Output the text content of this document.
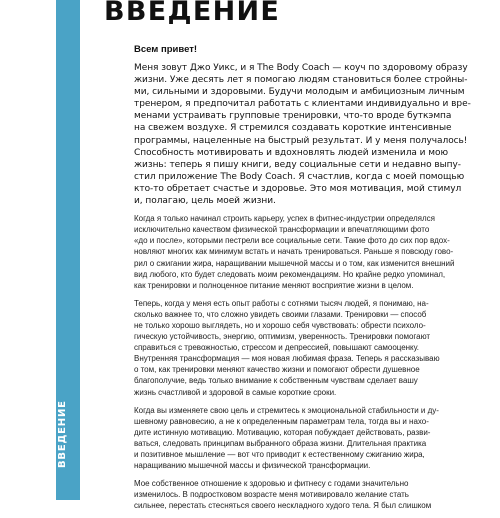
ВВЕДЕНИЕ
ВВЕДЕНИЕ

Всем привет!

Меня зовут Джо Уикс, и я The Body Coach — коуч по здоровому образу
жизни. Уже десять лет я помогаю людям становиться более стройны-
ми, сильными и здоровыми. Будучи молодым и амбициозным личным
тренером, я предпочитал работать с клиентами индивидуально и вре-
менами устраивать групповые тренировки, что-то вроде буткэмпа
на свежем воздухе. Я стремился создавать короткие интенсивные
программы, нацеленные на быстрый результат. И у меня получалось!
Способность мотивировать и вдохновлять людей изменила и мою
жизнь: теперь я пишу книги, веду социальные сети и недавно выпу-
стил приложение The Body Coach. Я счастлив, когда с моей помощью
кто-то обретает счастье и здоровье. Это моя мотивация, мой стимул
и, полагаю, цель моей жизни.

Когда я только начинал строить карьеру, успех в фитнес-индустрии определялся
исключительно качеством физической трансформации и впечатляющими фото
«до и после», которыми пестрели все социальные сети. Такие фото до сих пор вдох-
новляют многих как минимум встать и начать тренироваться. Раньше я повсюду гово-
рил о сжигании жира, наращивании мышечной массы и о том, как изменится внешний
вид любого, кто будет следовать моим рекомендациям. Но крайне редко упоминал,
как тренировки и полноценное питание меняют восприятие жизни в целом.

Теперь, когда у меня есть опыт работы с сотнями тысяч людей, я понимаю, на-
сколько важнее то, что сложно увидеть своими глазами. Тренировки — способ
не только хорошо выглядеть, но и хорошо себя чувствовать: обрести психоло-
гическую устойчивость, энергию, оптимизм, уверенность. Тренировки помогают
справиться с тревожностью, стрессом и депрессией, повышают самооценку.
Внутренняя трансформация — моя новая любимая фраза. Теперь я рассказываю
о том, как тренировки меняют качество жизни и помогают обрести душевное
благополучие, ведь только внимание к собственным чувствам сделает вашу
жизнь счастливой и здоровой в самые короткие сроки.

Когда вы изменяете свою цель и стремитесь к эмоциональной стабильности и ду-
шевному равновесию, а не к определенным параметрам тела, тогда вы и нахо-
дите истинную мотивацию. Мотивацию, которая побуждает действовать, разви-
ваться, следовать принципам выбранного образа жизни. Длительная практика
и позитивное мышление — вот что приводит к естественному сжиганию жира,
наращиванию мышечной массы и физической трансформации.

Мое собственное отношение к здоровью и фитнесу с годами значительно
изменилось. В подростковом возрасте меня мотивировало желание стать
сильнее, перестать стесняться своего нескладного худого тела. Я был слишком
